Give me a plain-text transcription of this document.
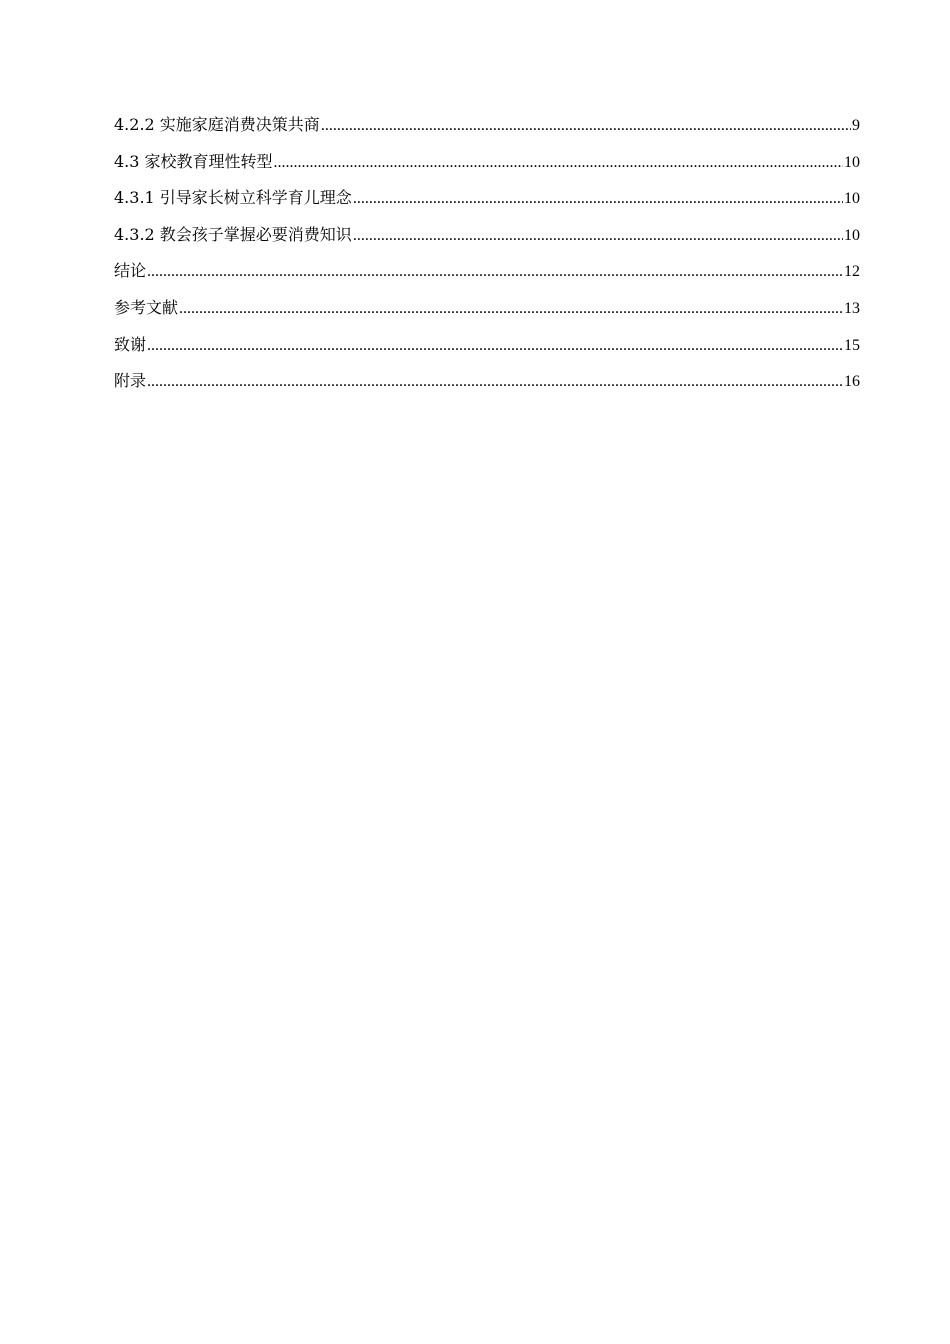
4.2.2 实施家庭消费决策共商 .....	9
4.3 家校教育理性转型 .....	10
4.3.1 引导家长树立科学育儿理念 .....	10
4.3.2 教会孩子掌握必要消费知识 .....	10
结论 .....	12
参考文献 .....	13
致谢 .....	15
附录 .....	16
